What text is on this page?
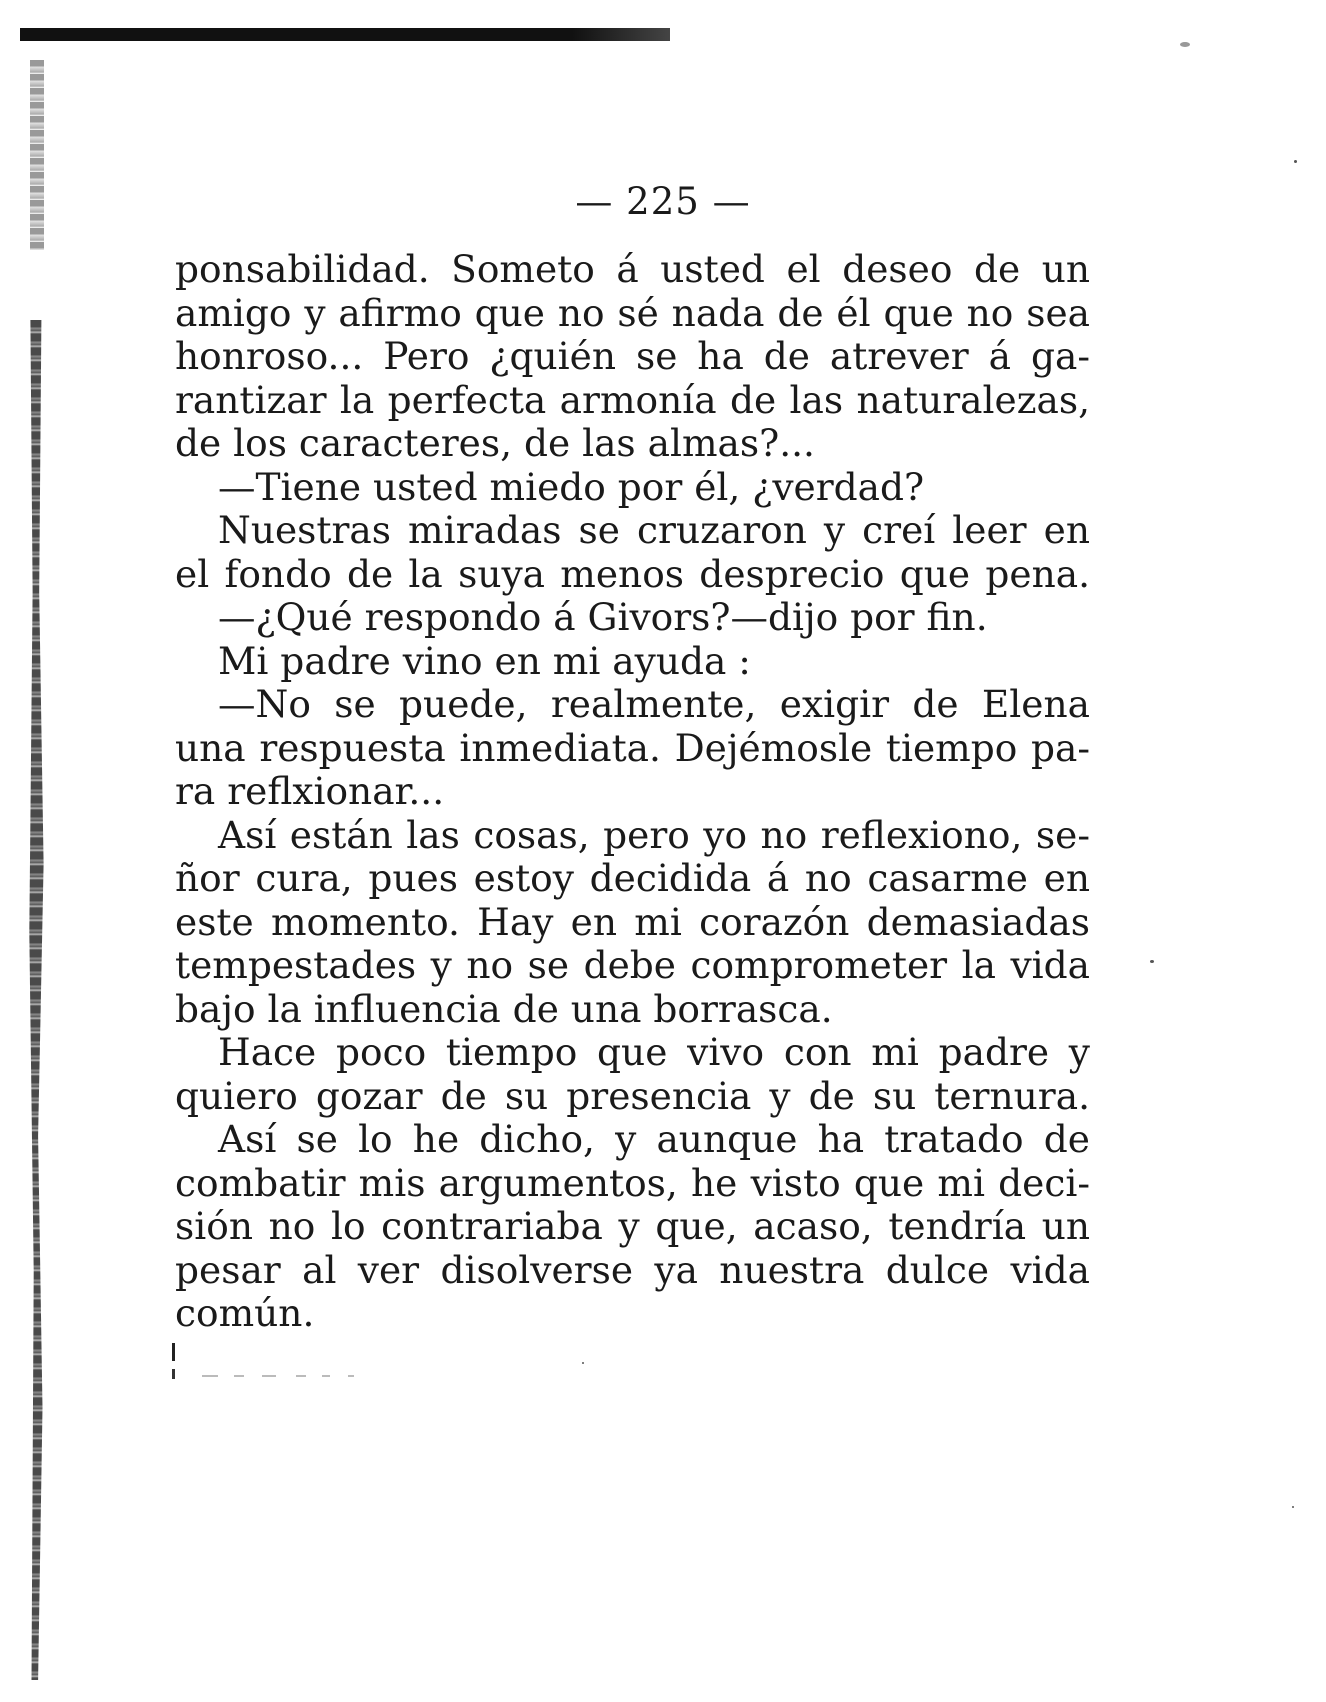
— 225 —
ponsabilidad. Someto á usted el deseo de un
amigo y afirmo que no sé nada de él que no sea
honroso... Pero ¿quién se ha de atrever á ga-
rantizar la perfecta armonía de las naturalezas,
de los caracteres, de las almas?...
—Tiene usted miedo por él, ¿verdad?
Nuestras miradas se cruzaron y creí leer en
el fondo de la suya menos desprecio que pena.
—¿Qué respondo á Givors?—dijo por fin.
Mi padre vino en mi ayuda :
—No se puede, realmente, exigir de Elena
una respuesta inmediata. Dejémosle tiempo pa-
ra reflxionar...
Así están las cosas, pero yo no reflexiono, se-
ñor cura, pues estoy decidida á no casarme en
este momento. Hay en mi corazón demasiadas
tempestades y no se debe comprometer la vida
bajo la influencia de una borrasca.
Hace poco tiempo que vivo con mi padre y
quiero gozar de su presencia y de su ternura.
Así se lo he dicho, y aunque ha tratado de
combatir mis argumentos, he visto que mi deci-
sión no lo contrariaba y que, acaso, tendría un
pesar al ver disolverse ya nuestra dulce vida
común.
